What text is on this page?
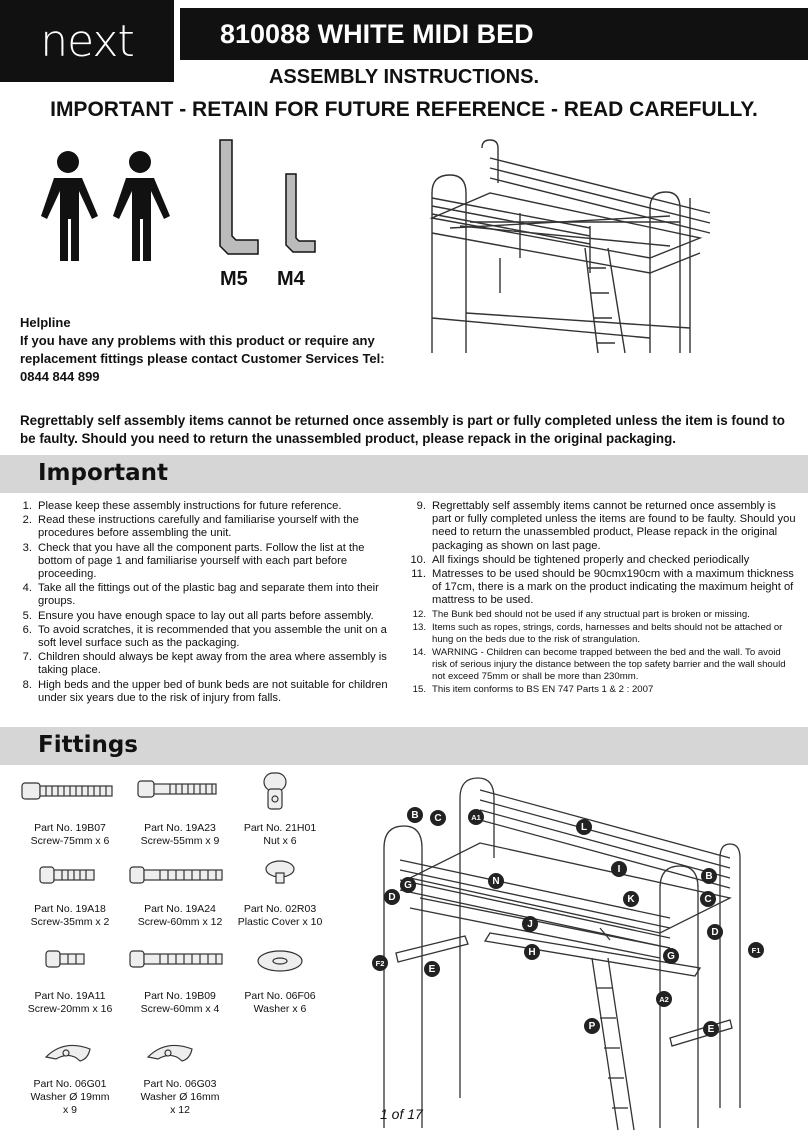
next	810088 WHITE MIDI BED
ASSEMBLY INSTRUCTIONS.
IMPORTANT - RETAIN FOR FUTURE REFERENCE - READ CAREFULLY.
M5 M4
Helpline
If you have any problems with this product or require any replacement fittings please contact Customer Services Tel: 0844 844 899
Regrettably self assembly items cannot be returned once assembly is part or fully completed unless the item is found to be faulty. Should you need to return the unassembled product, please repack in the original packaging.
Important
1. Please keep these assembly instructions for future reference.
2. Read these instructions carefully and familiarise yourself with the procedures before assembling the unit.
3. Check that you have all the component parts. Follow the list at the bottom of page 1 and familiarise yourself with each part before proceeding.
4. Take all the fittings out of the plastic bag and separate them into their groups.
5. Ensure you have enough space to lay out all parts before assembly.
6. To avoid scratches, it is recommended that you assemble the unit on a soft level surface such as the packaging.
7. Children should always be kept away from the area where assembly is taking place.
8. High beds and the upper bed of bunk beds are not suitable for children under six years due to the risk of injury from falls.
9. Regrettably self assembly items cannot be returned once assembly is part or fully completed unless the items are found to be faulty. Should you need to return the unassembled product, Please repack in the original packaging as shown on last page.
10. All fixings should be tightened properly and checked periodically
11. Matresses to be used should be 90cmx190cm with a maximum thickness of 17cm, there is a mark on the product indicating the maximum height of mattress to be used.
12. The Bunk bed should not be used if any structual part is broken or missing.
13. Items such as ropes, strings, cords, harnesses and belts should not be attached or hung on the beds due to the risk of strangulation.
14. WARNING - Children can become trapped between the bed and the wall. To avoid risk of serious injury the distance between the top safety barrier and the wall should not exceed 75mm or shall be more than 230mm.
15. This item conforms to BS EN 747 Parts 1 & 2 : 2007
Fittings
Part No. 19B07
Screw-75mm x 6
Part No. 19A23
Screw-55mm x 9
Part No. 21H01
Nut x 6
Part No. 19A18
Screw-35mm x 2
Part No. 19A24
Screw-60mm x 12
Part No. 02R03
Plastic Cover x 10
Part No. 19A11
Screw-20mm x 16
Part No. 19B09
Screw-60mm x 4
Part No. 06F06
Washer x 6
Part No. 06G01
Washer Ø 19mm
x 9
Part No. 06G03
Washer Ø 16mm
x 12
B	C	A1
L
G	N
I
D	K
B
C
J
D
H	G
F2
E
F1
A2
P	E
1 of 17
